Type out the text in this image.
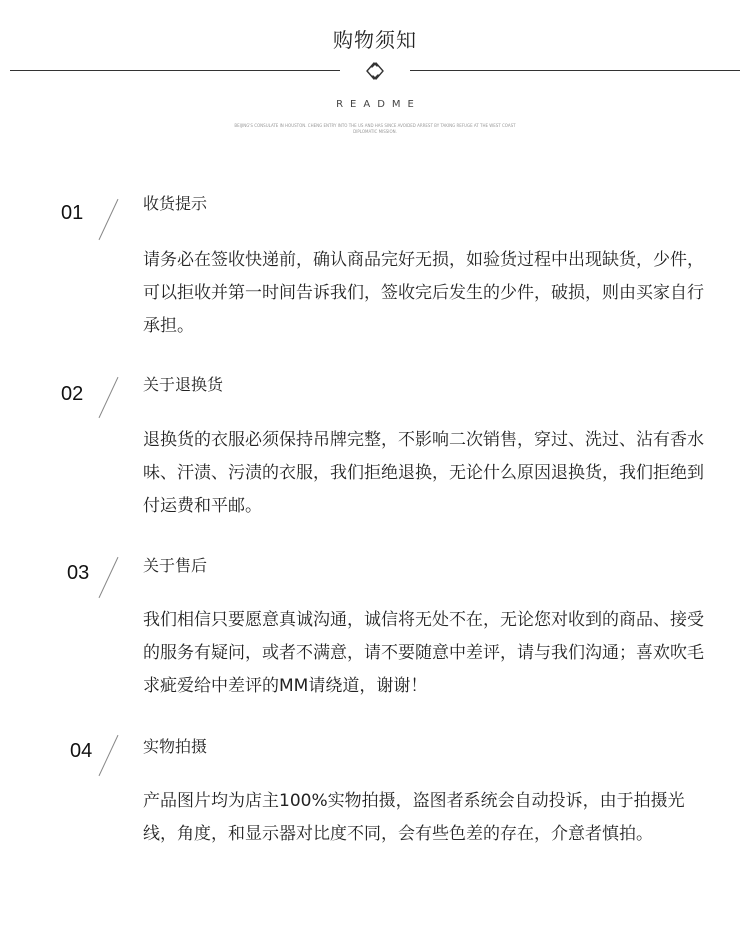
购物须知
README
BEIJING'S CONSULATE IN HOUSTON. CHENG ENTRY INTO THE US AND HAS SINCE AVOIDED ARREST BY TAKING REFUGE AT THE WEST COAST DIPLOMATIC MISSION.
01	收货提示
请务必在签收快递前，确认商品完好无损，如验货过程中出现缺货，少件，可以拒收并第一时间告诉我们，签收完后发生的少件，破损，则由买家自行承担。
02	关于退换货
退换货的衣服必须保持吊牌完整，不影响二次销售，穿过、洗过、沾有香水味、汗渍、污渍的衣服，我们拒绝退换，无论什么原因退换货，我们拒绝到付运费和平邮。
03	关于售后
我们相信只要愿意真诚沟通，诚信将无处不在，无论您对收到的商品、接受的服务有疑问，或者不满意，请不要随意中差评，请与我们沟通；喜欢吹毛求疵爱给中差评的MM请绕道，谢谢！
04	实物拍摄
产品图片均为店主100%实物拍摄，盗图者系统会自动投诉，由于拍摄光线，角度，和显示器对比度不同，会有些色差的存在，介意者慎拍。
